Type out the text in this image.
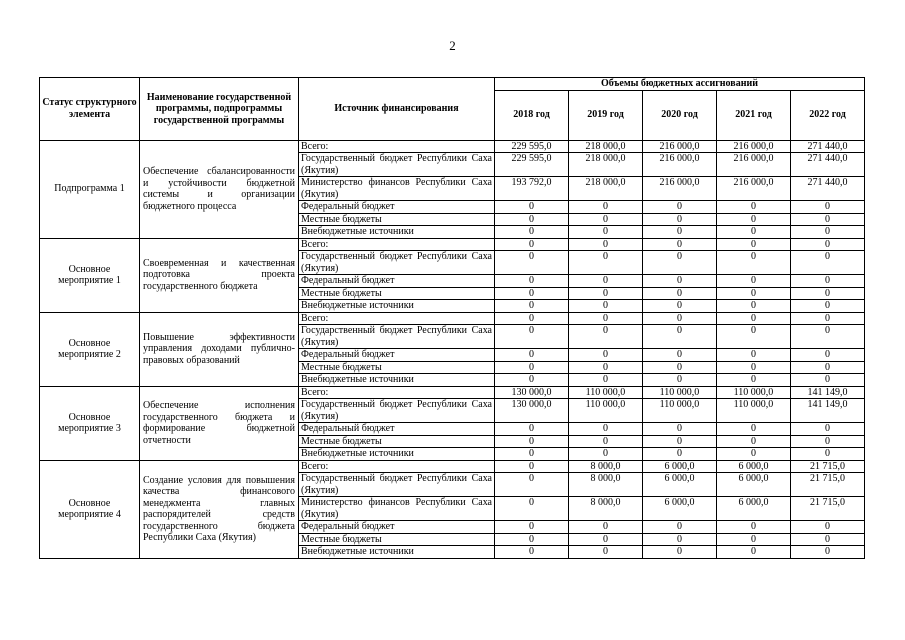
2
Статус структурного элемента	Наименование государственной программы, подпрограммы государственной программы	Источник финансирования	Объемы бюджетных ассигнований				
			2018 год	2019 год	2020 год	2021 год	2022 год
Подпрограмма 1	Обеспечение сбалансированности и устойчивости бюджетной системы и организации бюджетного процесса	Всего:	229 595,0	218 000,0	216 000,0	216 000,0	271 440,0
		Государственный бюджет Республики Саха (Якутия)	229 595,0	218 000,0	216 000,0	216 000,0	271 440,0
		Министерство финансов Республики Саха (Якутия)	193 792,0	218 000,0	216 000,0	216 000,0	271 440,0
		Федеральный бюджет	0	0	0	0	0
		Местные бюджеты	0	0	0	0	0
		Внебюджетные источники	0	0	0	0	0
Основное мероприятие 1	Своевременная и качественная подготовка проекта государственного бюджета	Всего:	0	0	0	0	0
		Государственный бюджет Республики Саха (Якутия)	0	0	0	0	0
		Федеральный бюджет	0	0	0	0	0
		Местные бюджеты	0	0	0	0	0
		Внебюджетные источники	0	0	0	0	0
Основное мероприятие 2	Повышение эффективности управления доходами публично-правовых образований	Всего:	0	0	0	0	0
		Государственный бюджет Республики Саха (Якутия)	0	0	0	0	0
		Федеральный бюджет	0	0	0	0	0
		Местные бюджеты	0	0	0	0	0
		Внебюджетные источники	0	0	0	0	0
Основное мероприятие 3	Обеспечение исполнения государственного бюджета и формирование бюджетной отчетности	Всего:	130 000,0	110 000,0	110 000,0	110 000,0	141 149,0
		Государственный бюджет Республики Саха (Якутия)	130 000,0	110 000,0	110 000,0	110 000,0	141 149,0
		Федеральный бюджет	0	0	0	0	0
		Местные бюджеты	0	0	0	0	0
		Внебюджетные источники	0	0	0	0	0
Основное мероприятие 4	Создание условия для повышения качества финансового менеджмента главных распорядителей средств государственного бюджета Республики Саха (Якутия)	Всего:	0	8 000,0	6 000,0	6 000,0	21 715,0
		Государственный бюджет Республики Саха (Якутия)	0	8 000,0	6 000,0	6 000,0	21 715,0
		Министерство финансов Республики Саха (Якутия)	0	8 000,0	6 000,0	6 000,0	21 715,0
		Федеральный бюджет	0	0	0	0	0
		Местные бюджеты	0	0	0	0	0
		Внебюджетные источники	0	0	0	0	0
